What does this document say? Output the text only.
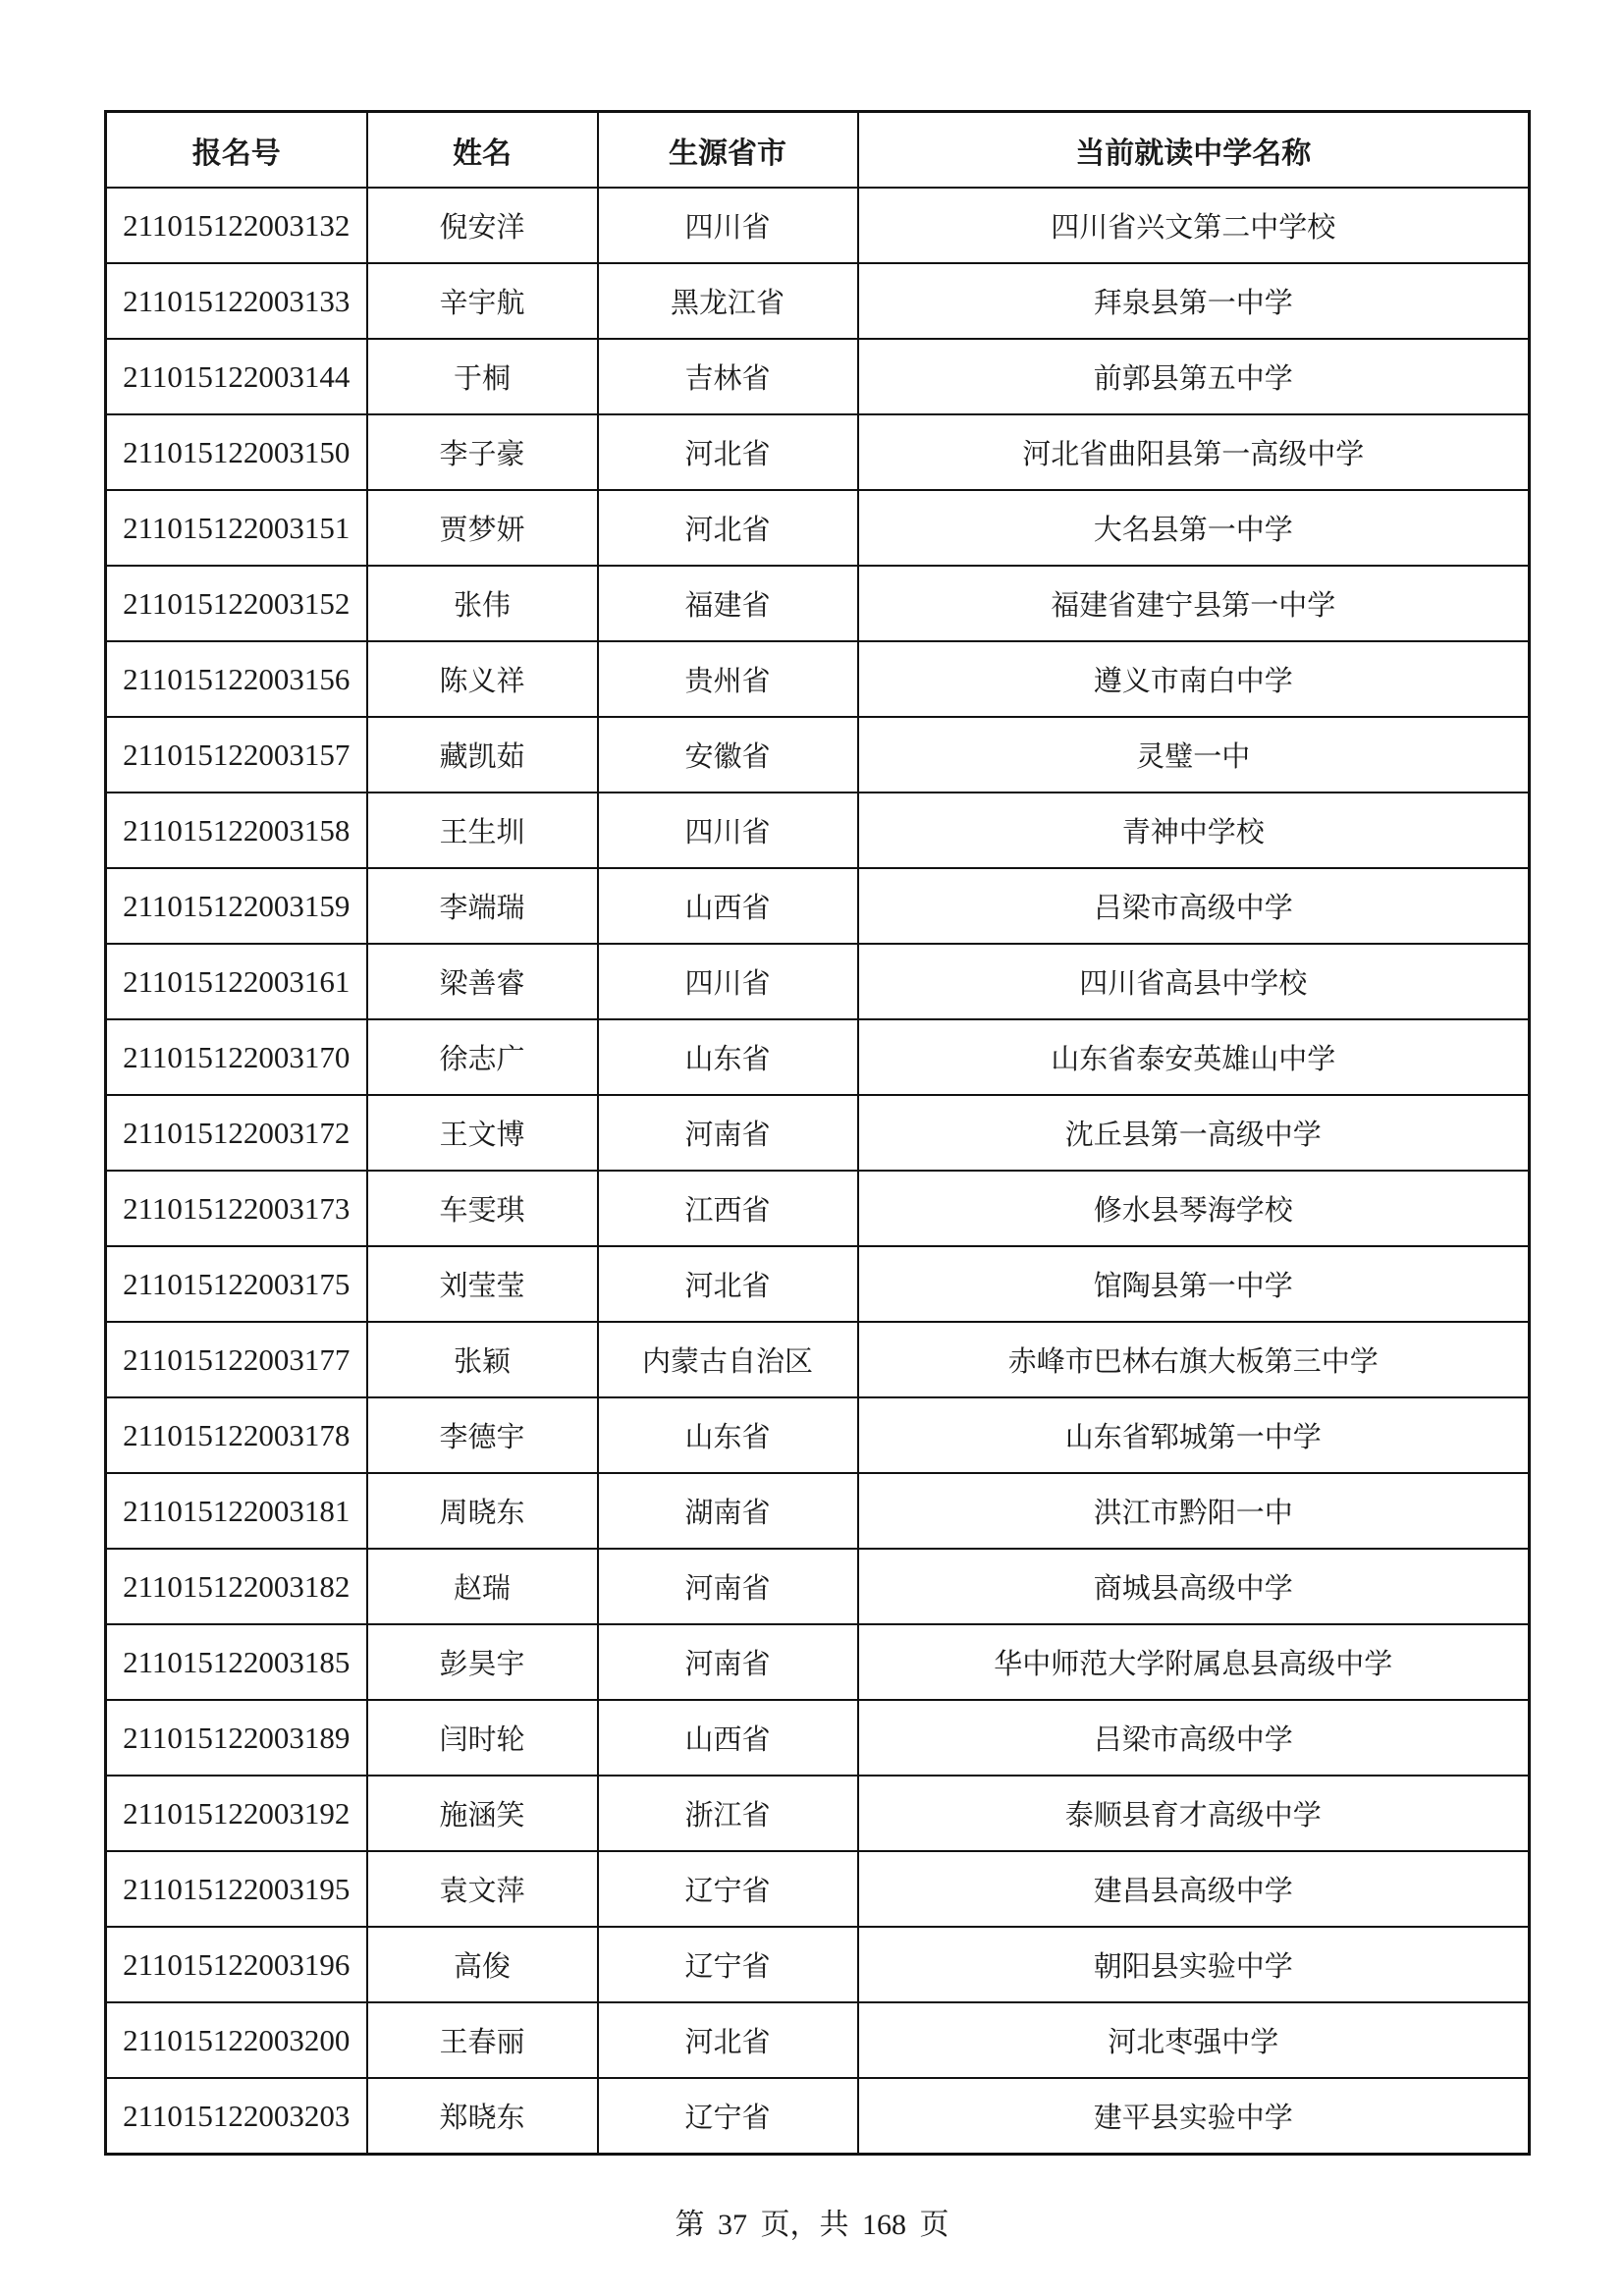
报名号	姓名	生源省市	当前就读中学名称
211015122003132	倪安洋	四川省	四川省兴文第二中学校
211015122003133	辛宇航	黑龙江省	拜泉县第一中学
211015122003144	于桐	吉林省	前郭县第五中学
211015122003150	李子豪	河北省	河北省曲阳县第一高级中学
211015122003151	贾梦妍	河北省	大名县第一中学
211015122003152	张伟	福建省	福建省建宁县第一中学
211015122003156	陈义祥	贵州省	遵义市南白中学
211015122003157	藏凯茹	安徽省	灵璧一中
211015122003158	王生圳	四川省	青神中学校
211015122003159	李端瑞	山西省	吕梁市高级中学
211015122003161	梁善睿	四川省	四川省高县中学校
211015122003170	徐志广	山东省	山东省泰安英雄山中学
211015122003172	王文博	河南省	沈丘县第一高级中学
211015122003173	车雯琪	江西省	修水县琴海学校
211015122003175	刘莹莹	河北省	馆陶县第一中学
211015122003177	张颖	内蒙古自治区	赤峰市巴林右旗大板第三中学
211015122003178	李德宇	山东省	山东省郓城第一中学
211015122003181	周晓东	湖南省	洪江市黔阳一中
211015122003182	赵瑞	河南省	商城县高级中学
211015122003185	彭昊宇	河南省	华中师范大学附属息县高级中学
211015122003189	闫时轮	山西省	吕梁市高级中学
211015122003192	施涵笑	浙江省	泰顺县育才高级中学
211015122003195	袁文萍	辽宁省	建昌县高级中学
211015122003196	高俊	辽宁省	朝阳县实验中学
211015122003200	王春丽	河北省	河北枣强中学
211015122003203	郑晓东	辽宁省	建平县实验中学
第 37 页，共 168 页
